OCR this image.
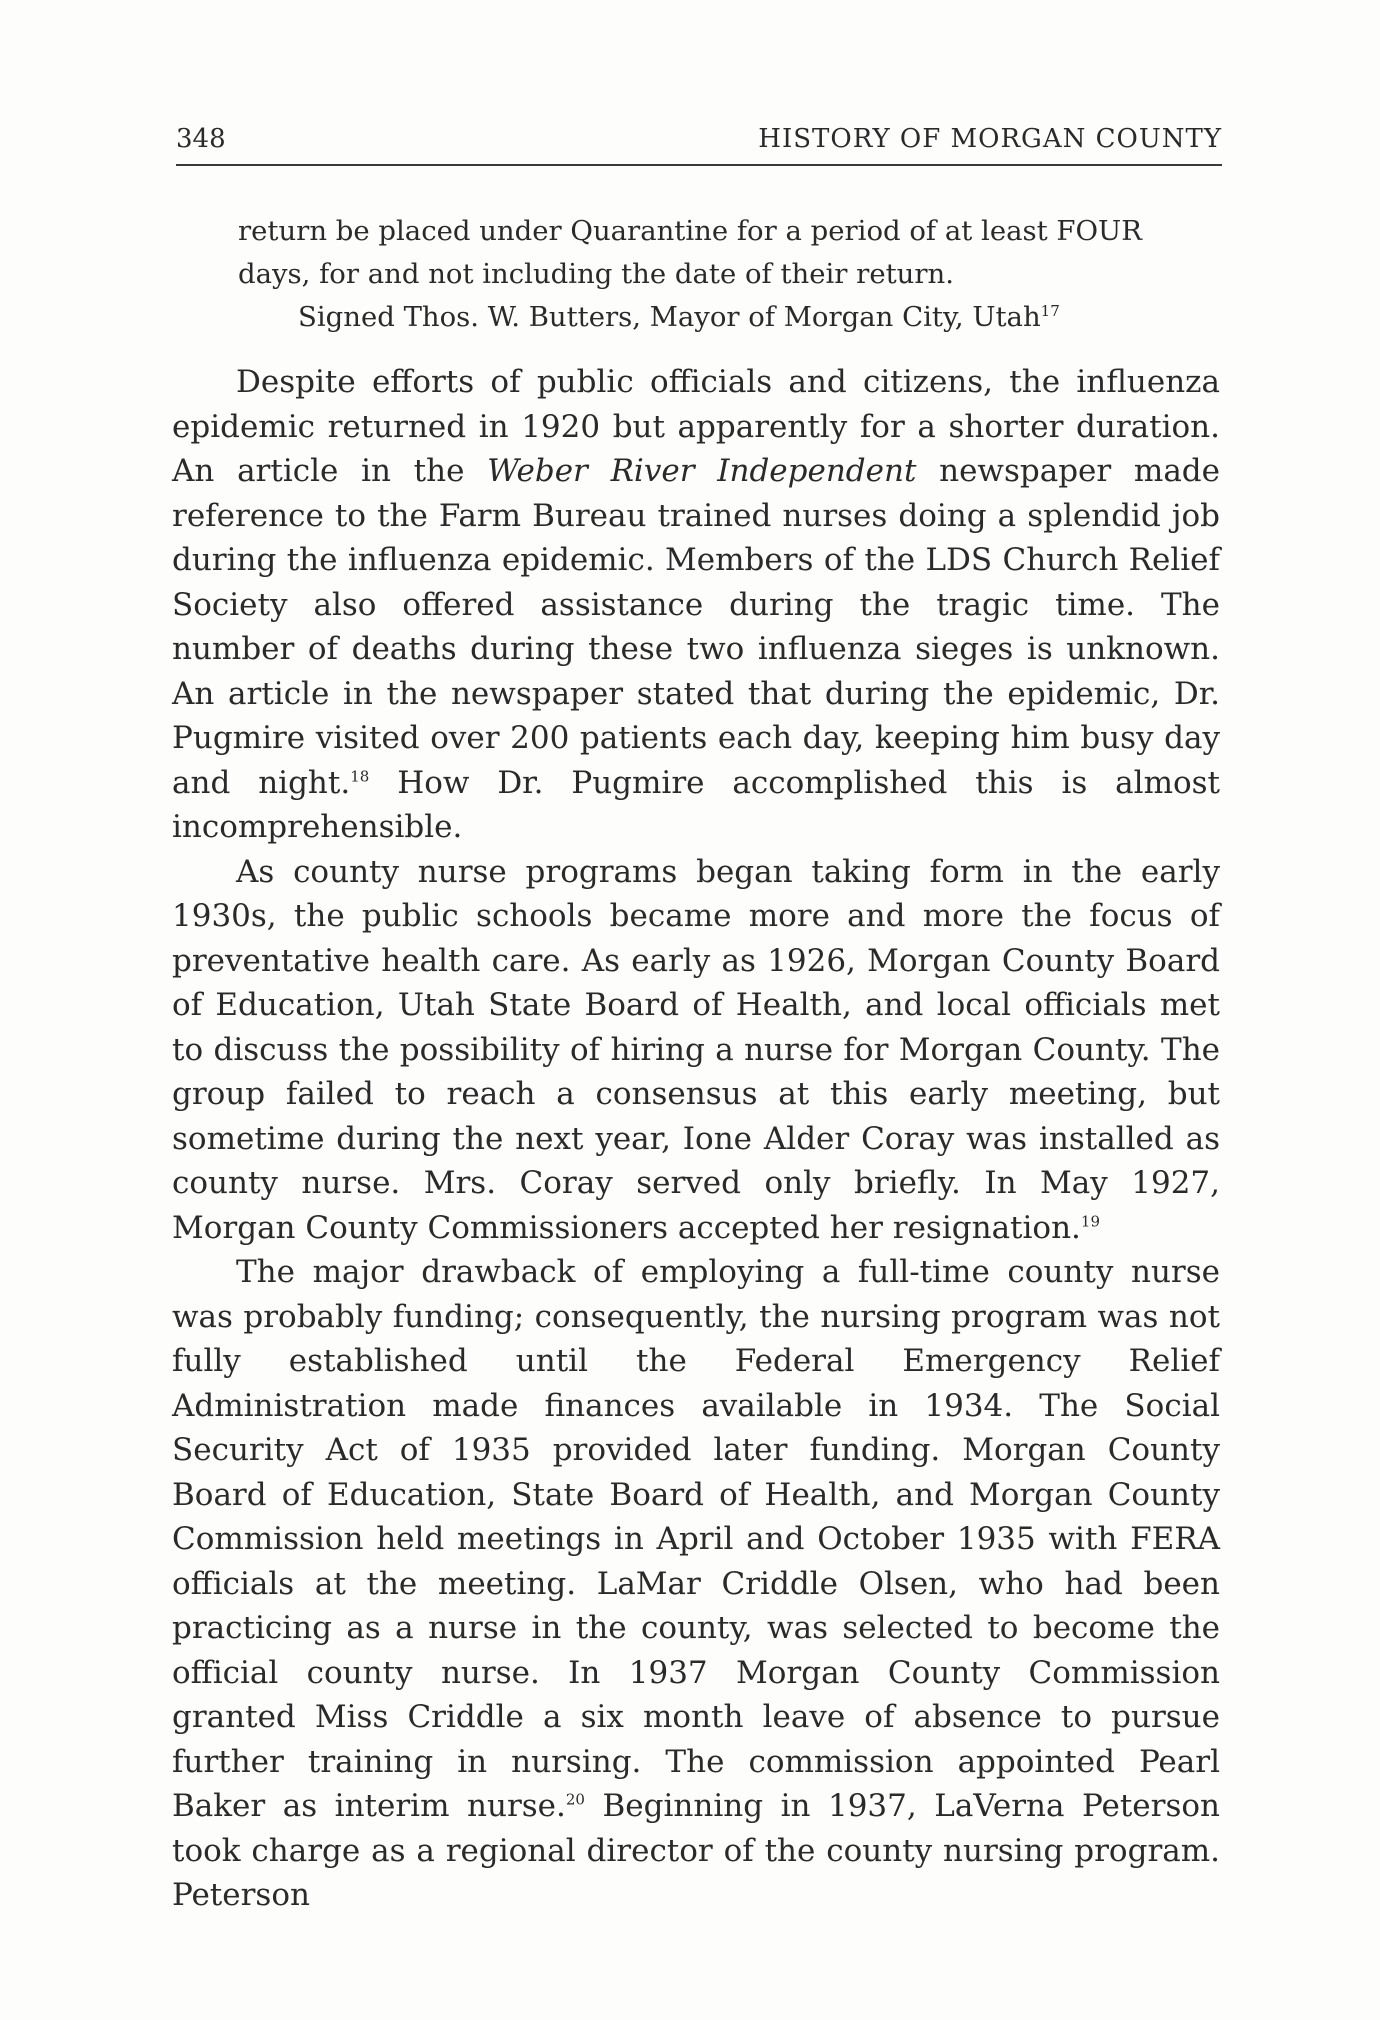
348	HISTORY OF MORGAN COUNTY

return be placed under Quarantine for a period of at least FOUR days, for and not including the date of their return.

Signed Thos. W. Butters, Mayor of Morgan City, Utah$^{17}$

Despite efforts of public officials and citizens, the influenza epidemic returned in 1920 but apparently for a shorter duration. An article in the Weber River Independent newspaper made reference to the Farm Bureau trained nurses doing a splendid job during the influenza epidemic. Members of the LDS Church Relief Society also offered assistance during the tragic time. The number of deaths during these two influenza sieges is unknown. An article in the newspaper stated that during the epidemic, Dr. Pugmire visited over 200 patients each day, keeping him busy day and night.$^{18}$ How Dr. Pugmire accomplished this is almost incomprehensible.

As county nurse programs began taking form in the early 1930s, the public schools became more and more the focus of preventative health care. As early as 1926, Morgan County Board of Education, Utah State Board of Health, and local officials met to discuss the possibility of hiring a nurse for Morgan County. The group failed to reach a consensus at this early meeting, but sometime during the next year, Ione Alder Coray was installed as county nurse. Mrs. Coray served only briefly. In May 1927, Morgan County Commissioners accepted her resignation.$^{19}$

The major drawback of employing a full-time county nurse was probably funding; consequently, the nursing program was not fully established until the Federal Emergency Relief Administration made finances available in 1934. The Social Security Act of 1935 provided later funding. Morgan County Board of Education, State Board of Health, and Morgan County Commission held meetings in April and October 1935 with FERA officials at the meeting. LaMar Criddle Olsen, who had been practicing as a nurse in the county, was selected to become the official county nurse. In 1937 Morgan County Commission granted Miss Criddle a six month leave of absence to pursue further training in nursing. The commission appointed Pearl Baker as interim nurse.$^{20}$ Beginning in 1937, LaVerna Peterson took charge as a regional director of the county nursing program. Peterson
